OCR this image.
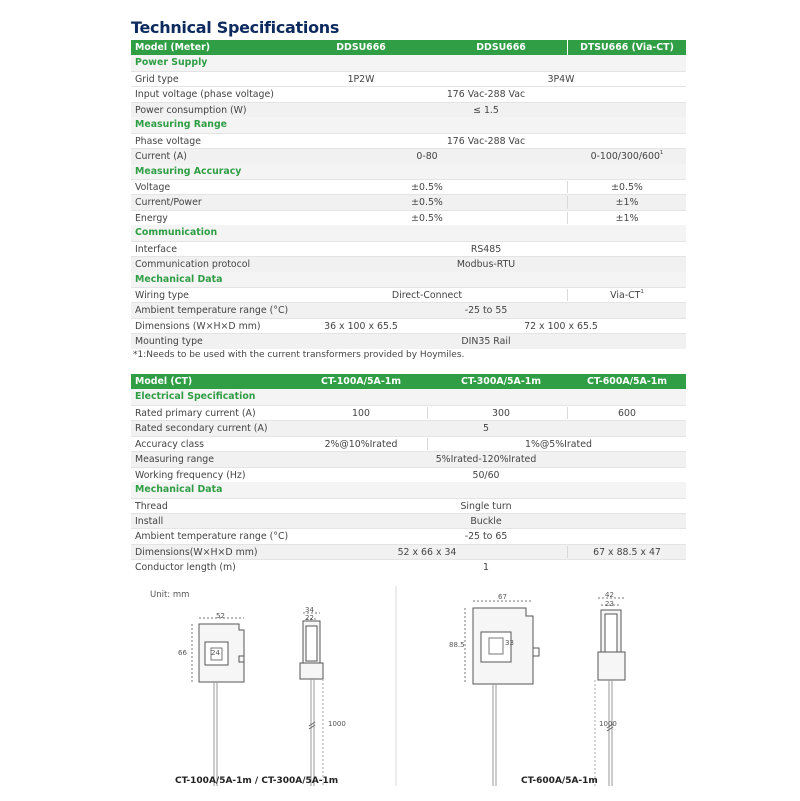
Technical Specifications
Model (Meter)	DDSU666	DDSU666	DTSU666 (Via-CT)
Power Supply
Grid type	1P2W	3P4W
Input voltage (phase voltage)	176 Vac-288 Vac
Power consumption (W)	≤ 1.5
Measuring Range
Phase voltage	176 Vac-288 Vac
Current (A)	0-80	$0-100/300/600^1$
Measuring Accuracy
Voltage	±0.5%	±0.5%
Current/Power	±0.5%	±1%
Energy	±0.5%	±1%
Communication
Interface	RS485
Communication protocol	Modbus-RTU
Mechanical Data
Wiring type	Direct-Connect	Via-$CT^1$
Ambient temperature range (°C)	-25 to 55
Dimensions (W×H×D mm)	36 x 100 x 65.5	72 x 100 x 65.5
Mounting type	DIN35 Rail
*1:Needs to be used with the current transformers provided by Hoymiles.
Model (CT)	CT-100A/5A-1m	CT-300A/5A-1m	CT-600A/5A-1m
Electrical Specification
Rated primary current (A)	100	300	600
Rated secondary current (A)	5
Accuracy class	2%@10%Irated	1%@5%Irated
Measuring range	5%Irated-120%Irated
Working frequency (Hz)	50/60
Mechanical Data
Thread	Single turn
Install	Buckle
Ambient temperature range (°C)	-25 to 65
Dimensions(W×H×D mm)	52 x 66 x 34	67 x 88.5 x 47
Conductor length (m)	1
Unit: mm
52
66	24
34
22
1000
67
88.5	33
42
23
1000
CT-100A/5A-1m / CT-300A/5A-1m	CT-600A/5A-1m
